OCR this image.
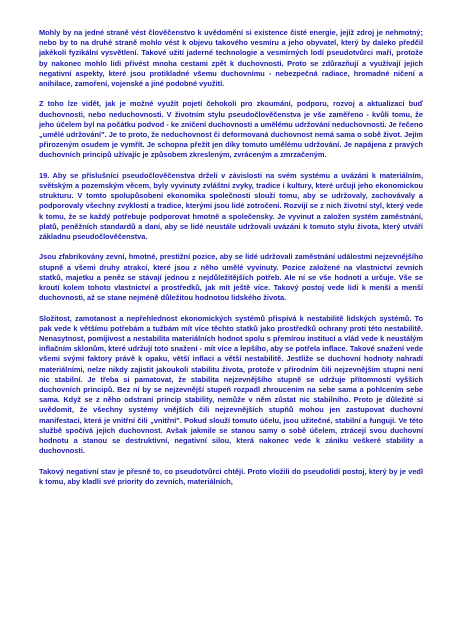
Mohly by na jedné straně vést člověčenstvo k uvědomění si existence čisté energie, jejíž zdroj je nehmotný; nebo by to na druhé straně mohlo vést k objevu takového vesmíru a jeho obyvatel, který by daleko předčil jakékoli fyzikální vysvětlení. Takové užití jaderné technologie a vesmírných lodí pseudotvůrci maří, protože by nakonec mohlo lidi přivést mnoha cestami zpět k duchovnosti. Proto se zdůrazňují a využívají jejich negativní aspekty, které jsou protikladné všemu duchovnímu - nebezpečná radiace, hromadné ničení a anihilace, zamoření, vojenské a jiné podobné využití.

Z toho lze vidět, jak je možné využít pojetí čehokoli pro zkoumání, podporu, rozvoj a aktualizaci buď duchovnosti, nebo neduchovnosti. V životním stylu pseudočlověčenstva je vše zaměřeno - kvůli tomu, že jeho účelem byl na počátku podvod - ke zničení duchovnosti a umělému udržování neduchovnosti. Je řečeno „umělé udržování". Je to proto, že neduchovnost či deformovaná duchovnost nemá sama o sobě život. Jejím přirozeným osudem je vymřít. Je schopna přežít jen díky tomuto umělému udržování. Je napájena z pravých duchovních principů užívajíc je způsobem zkresleným, zvráceným a zmrzačeným.

19. Aby se příslušníci pseudočlověčenstva drželi v závislosti na svém systému a uvázáni k materiálním, světským a pozemským věcem, byly vyvinuty zvláštní zvyky, tradice i kultury, které určují jeho ekonomickou strukturu. V tomto spolupůsobení ekonomika společnosti slouží tomu, aby se udržovaly, zachovávaly a podporovaly všechny zvyklosti a tradice, kterými jsou lidé zotročeni. Rozvíjí se z nich životní styl, který vede k tomu, že se každý potřebuje podporovat hmotně a společensky. Je vyvinut a založen systém zaměstnání, platů, peněžních standardů a daní, aby se lidé neustále udržovali uvázáni k tomuto stylu života, který utváří základnu pseudočlověčenstva.

Jsou zfabrikovány zevní, hmotné, prestižní pozice, aby se lidé udržovali zaměstnání událostmi nejzevnějšího stupně a všemi druhy atrakcí, které jsou z něho umělé vyvinuty. Pozice založené na vlastnictví zevních statků, majetku a peněz se stávají jednou z nejdůležitějších potřeb. Ale ní se vše hodnotí a určuje. Vše se kroutí kolem tohoto vlastnictví a prostředků, jak mít ještě více. Takový postoj vede lidi k menší a menší duchovnosti, až se stane nejméně důležitou hodnotou lidského života.

Složitost, zamotanost a nepřehlednost ekonomických systémů přispívá k nestabilitě lidských systémů. To pak vede k většímu potřebám a tužbám mít více těchto statků jako prostředků ochrany proti této nestabilitě. Nenasytnost, pomíjivost a nestabilita materiálních hodnot spolu s přemírou institucí a vlád vede k neustálým inflačním sklonům, které udržují toto snažení - mít více a lepšího, aby se potřela inflace. Takové snažení vede všemi svými faktory právě k opaku, větší inflaci a větší nestabilitě. Jestliže se duchovní hodnoty nahradí materiálními, nelze nikdy zajistit jakoukoli stabilitu života, protože v přírodním čili nejzevnějším stupni není nic stabilní. Je třeba si pamatovat, že stabilita nejzevnějšího stupně se udržuje přítomností vyšších duchovních principů. Bez ní by se nejzevnější stupeň rozpadl zhroucením na sebe sama a pohlcením sebe sama. Když se z něho odstraní princip stability, nemůže v něm zůstat nic stabilního. Proto je důležité si uvědomit, že všechny systémy vnějších čili nejzevnějších stupňů mohou jen zastupovat duchovní manifestaci, která je vnitřní čili „vnitřní". Pokud slouží tomuto účelu, jsou užitečné, stabilní a fungují. Ve této službě spočívá jejich duchovnost. Avšak jakmile se stanou samy o sobě účelem, ztrácejí svou duchovní hodnotu a stanou se destruktivní, negativní silou, která nakonec vede k zániku veškeré stability a duchovnosti.

Takový negativní stav je přesně to, co pseudotvůrci chtějí. Proto vložili do pseudolidí postoj, který by je vedl k tomu, aby kladli své priority do zevních, materiálních,
